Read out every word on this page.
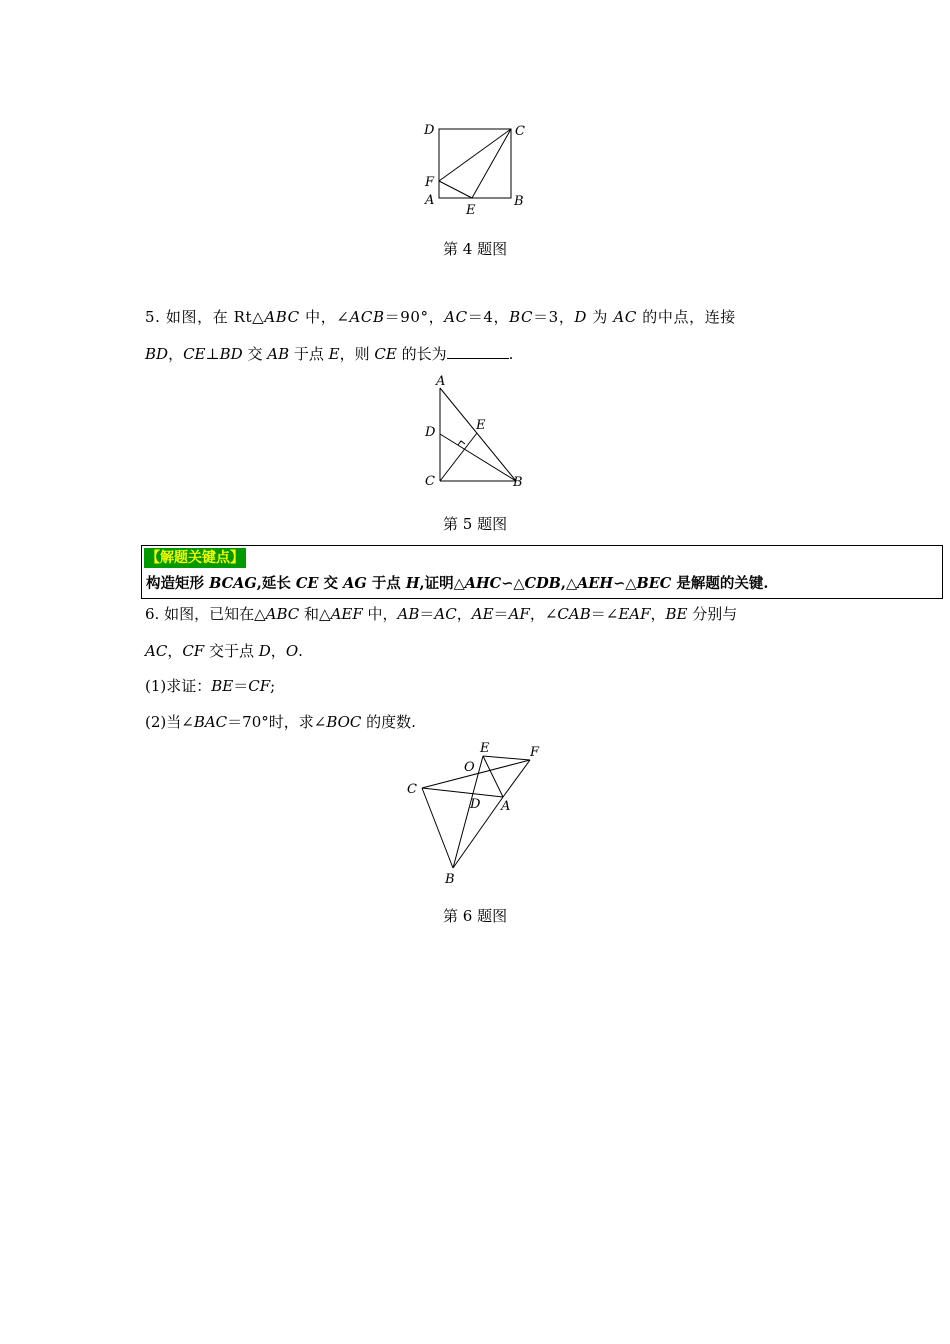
D	C
F
A
E
B
第 4 题图
5. 如图，在 Rt△ABC 中，∠ACB＝90°，AC＝4，BC＝3，D 为 AC 的中点，连接
BD，CE⊥BD 交 AB 于点 E，则 CE 的长为	.
A
D	E
C	B
第 5 题图
【解题关键点】
构造矩形 BCAG,延长 CE 交 AG 于点 H,证明△AHC∽△CDB,△AEH∽△BEC 是解题的关键.
6. 如图，已知在△ABC 和△AEF 中，AB＝AC，AE＝AF，∠CAB＝∠EAF，BE 分别与
AC，CF 交于点 D，O.
(1)求证：BE＝CF;
(2)当∠BAC＝70°时，求∠BOC 的度数.
E	F
O
C
D A
B
第 6 题图
